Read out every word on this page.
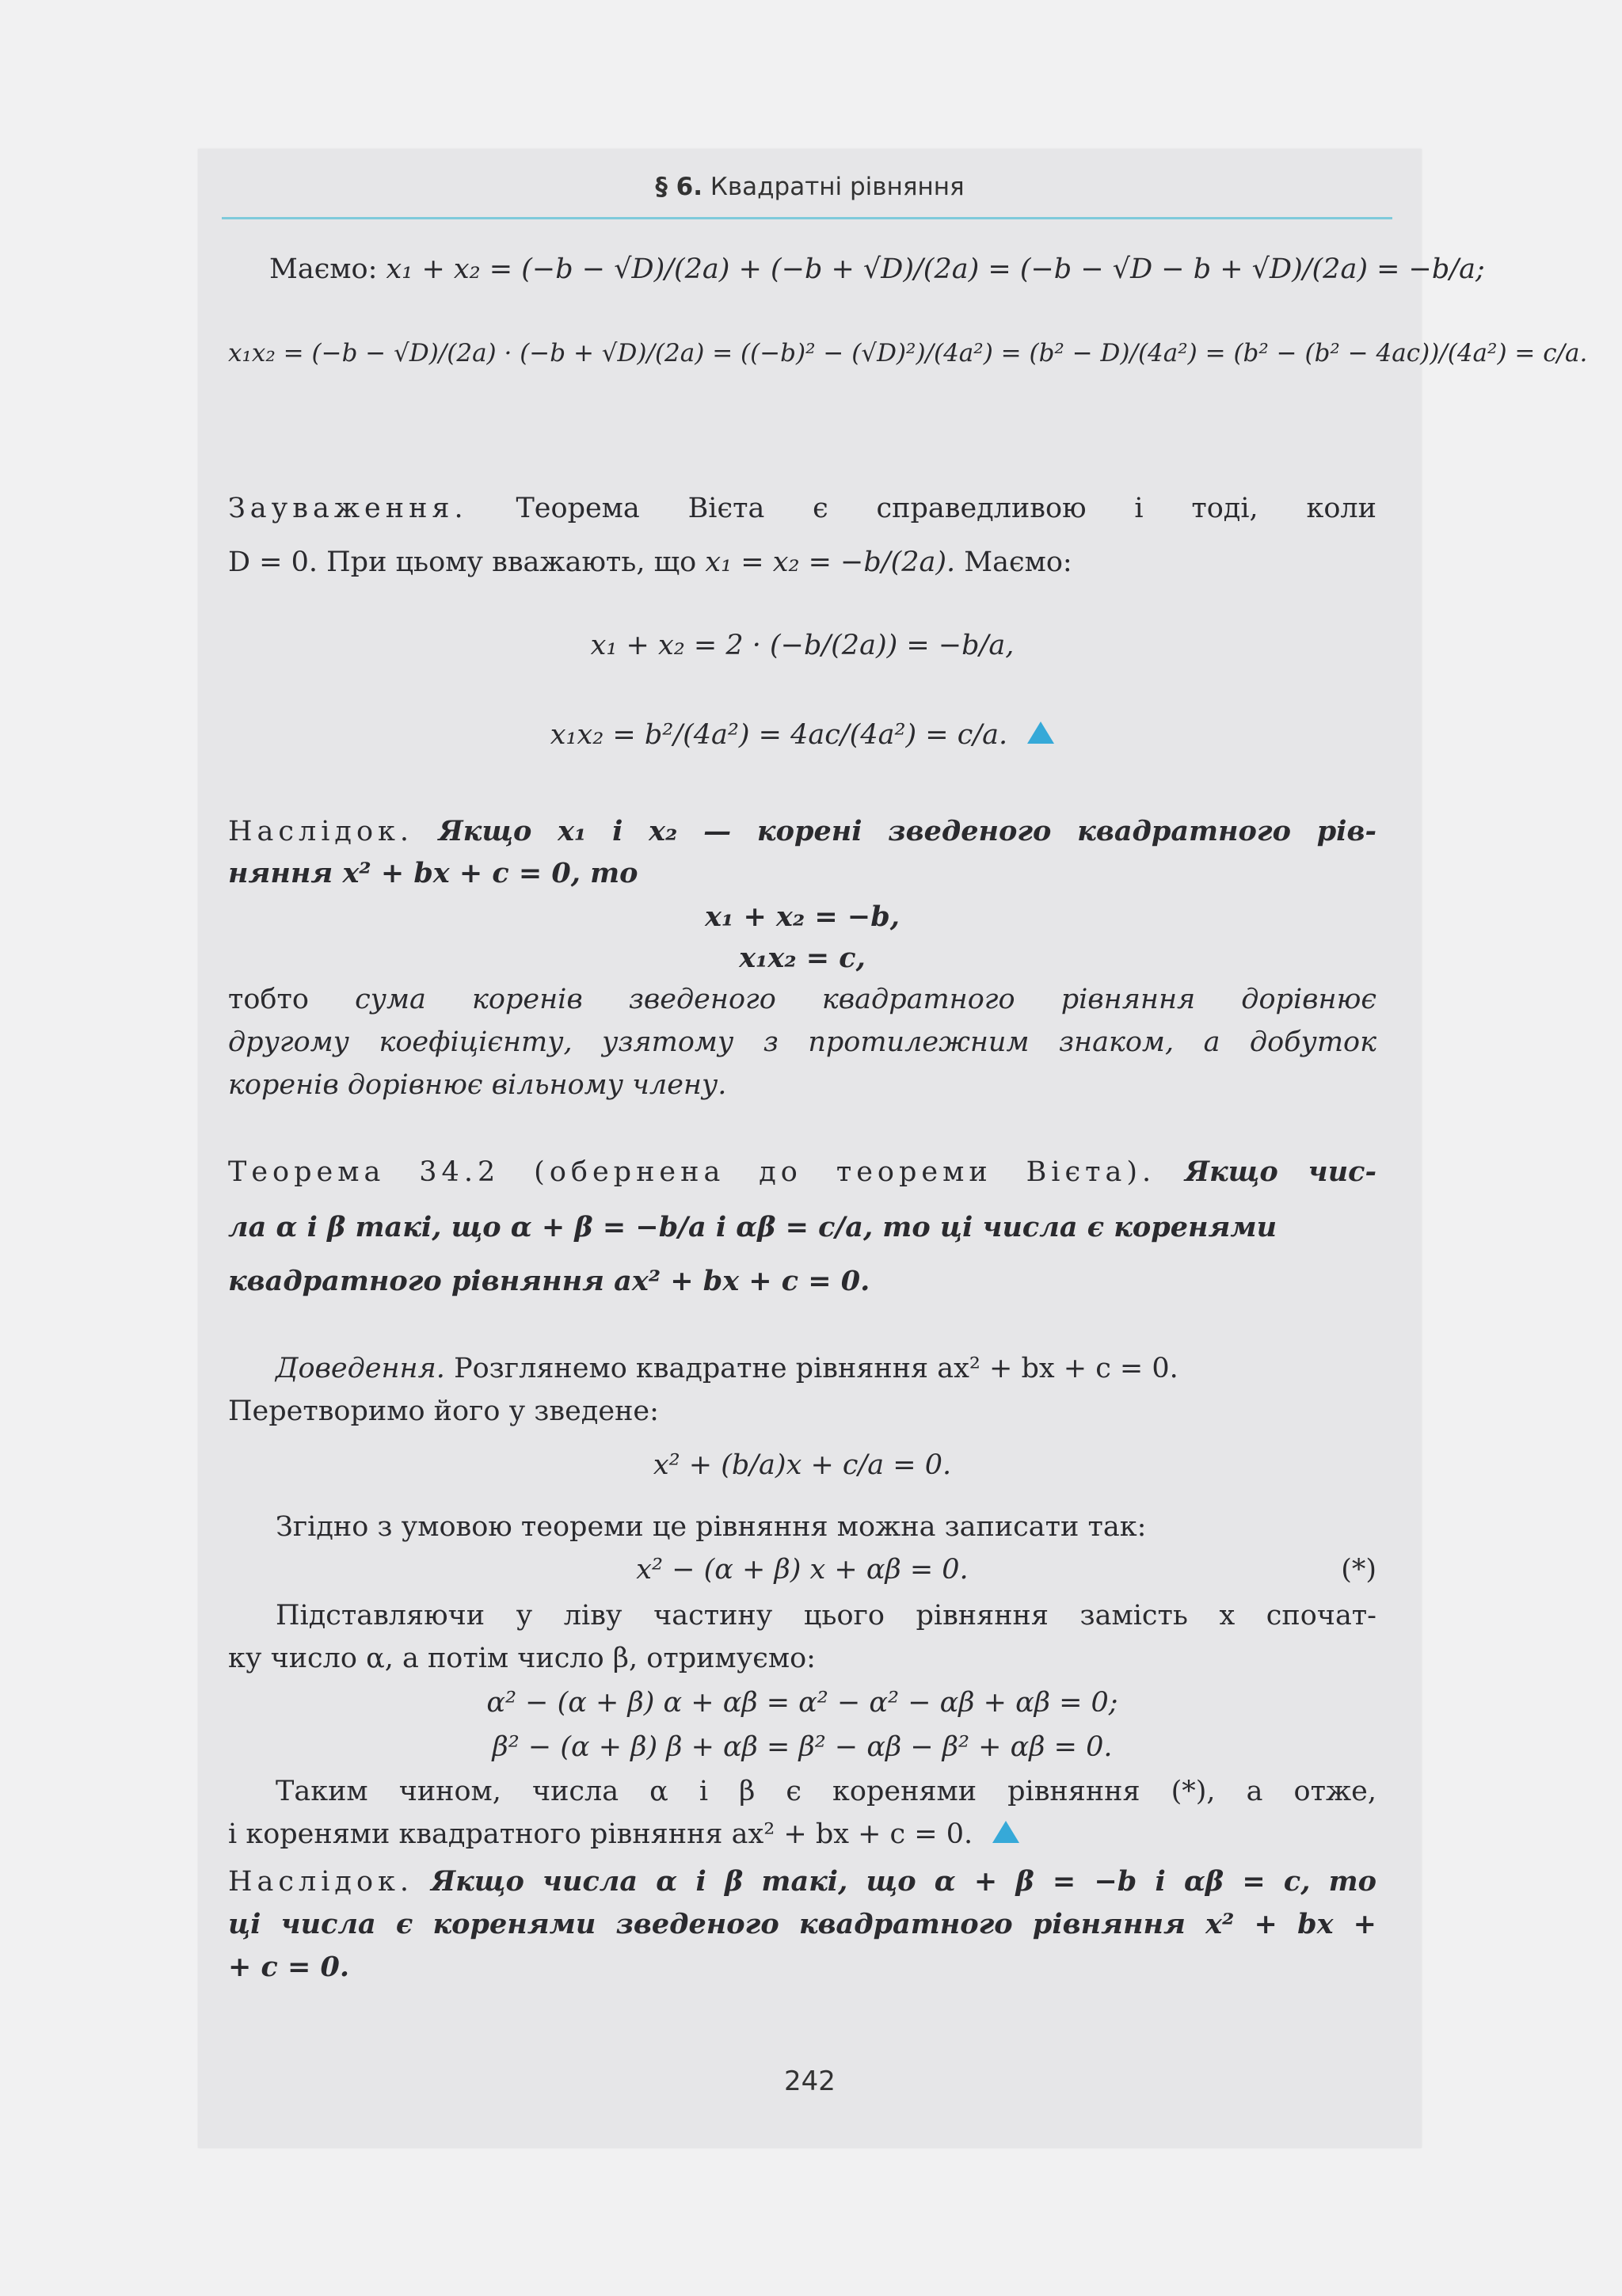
§ 6. Квадратні рівняння
Маємо: x₁ + x₂ = (−b − √D)/(2a) + (−b + √D)/(2a) = (−b − √D − b + √D)/(2a) = −b/a;
x₁x₂ = (−b − √D)/(2a) · (−b + √D)/(2a) = ((−b)² − (√D)²)/(4a²) = (b² − D)/(4a²) = (b² − (b² − 4ac))/(4a²) = c/a.
Зауваження. Теорема Вієта є справедливою і тоді, коли
D = 0. При цьому вважають, що x₁ = x₂ = −b/(2a). Маємо:
x₁ + x₂ = 2 · (−b/(2a)) = −b/a,
x₁x₂ = b²/(4a²) = 4ac/(4a²) = c/a.
Наслідок. Якщо x₁ і x₂ — корені зведеного квадратного рів-
няння x² + bx + c = 0, то
x₁ + x₂ = −b,
x₁x₂ = c,
тобто сума коренів зведеного квадратного рівняння дорівнює
другому коефіцієнту, узятому з протилежним знаком, а добуток
коренів дорівнює вільному члену.
Теорема 34.2 (обернена до теореми Вієта). Якщо чис-
ла α і β такі, що α + β = −b/a і αβ = c/a, то ці числа є коренями
квадратного рівняння ax² + bx + c = 0.
Доведення. Розглянемо квадратне рівняння ax² + bx + c = 0.
Перетворимо його у зведене:
x² + (b/a)x + c/a = 0.
Згідно з умовою теореми це рівняння можна записати так:
x² − (α + β) x + αβ = 0.	(*)
Підставляючи у ліву частину цього рівняння замість x спочат-
ку число α, а потім число β, отримуємо:
α² − (α + β) α + αβ = α² − α² − αβ + αβ = 0;
β² − (α + β) β + αβ = β² − αβ − β² + αβ = 0.
Таким чином, числа α і β є коренями рівняння (*), а отже,
і коренями квадратного рівняння ax² + bx + c = 0.
Наслідок. Якщо числа α і β такі, що α + β = −b і αβ = c, то
ці числа є коренями зведеного квадратного рівняння x² + bx +
+ c = 0.
242
